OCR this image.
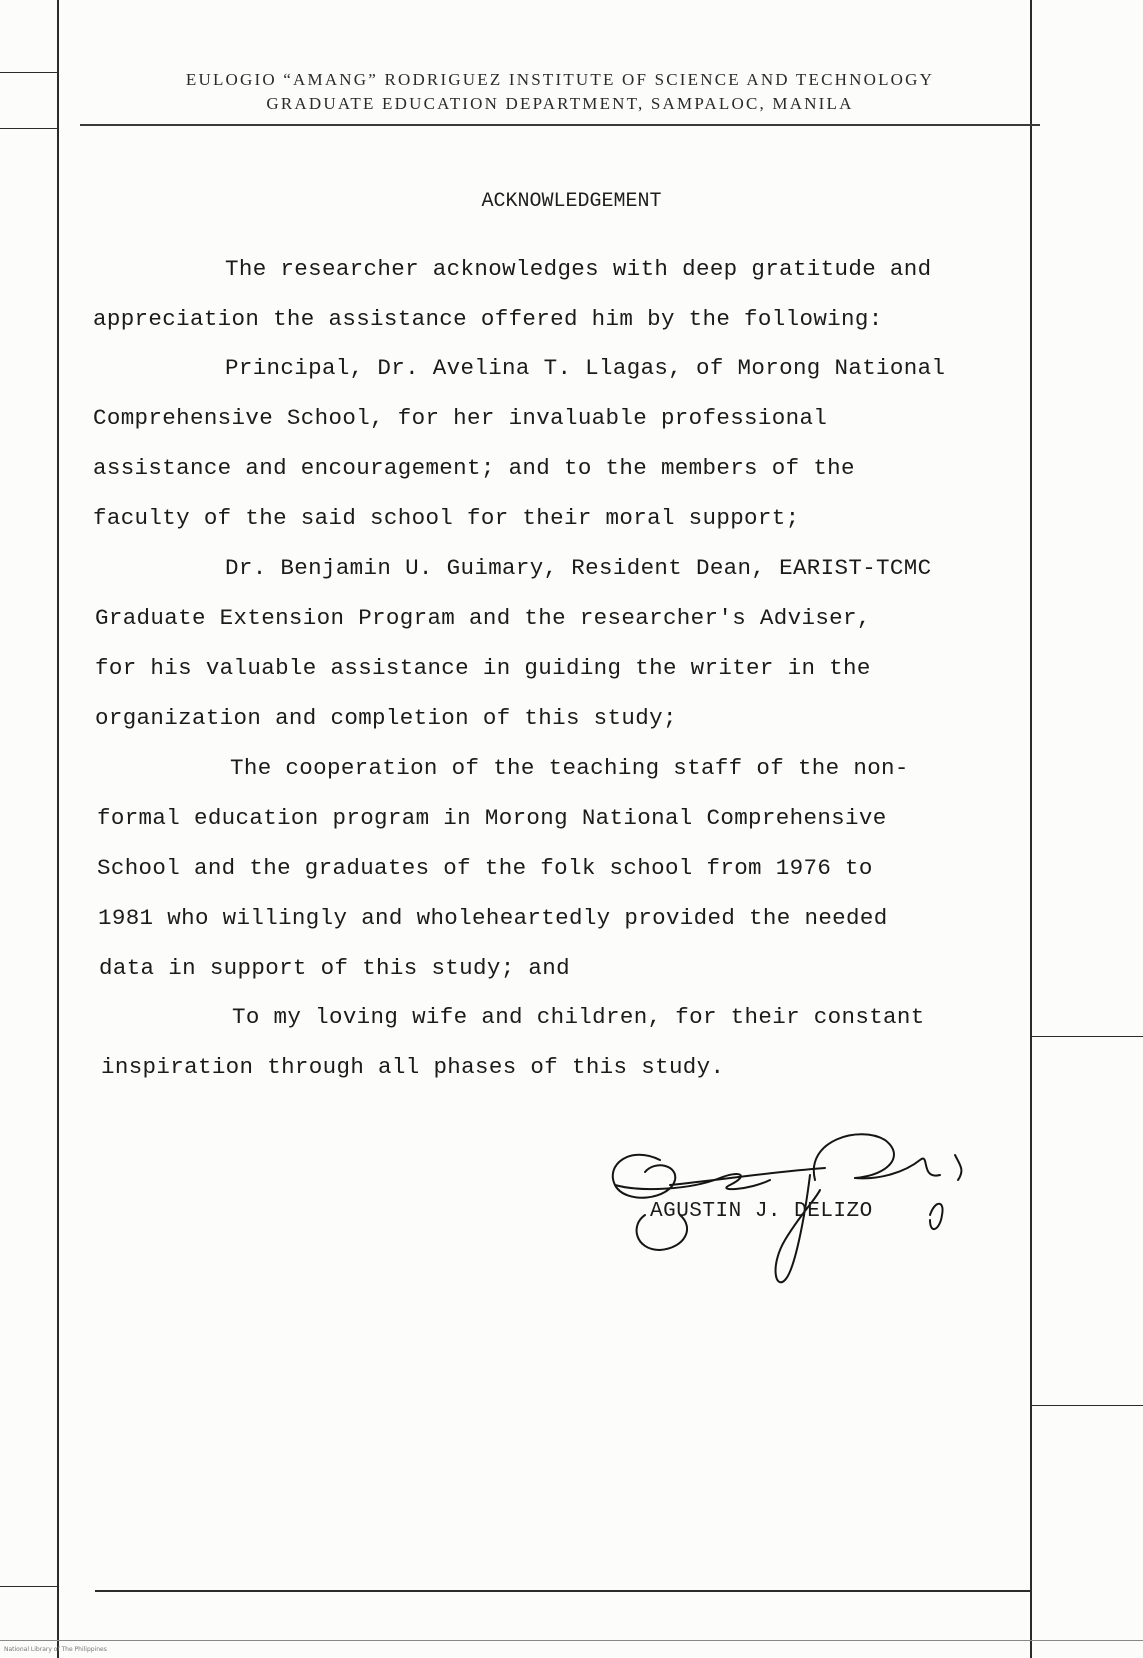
EULOGIO “AMANG” RODRIGUEZ INSTITUTE OF SCIENCE AND TECHNOLOGY
GRADUATE EDUCATION DEPARTMENT, SAMPALOC, MANILA
ACKNOWLEDGEMENT
The researcher acknowledges with deep gratitude and
appreciation the assistance offered him by the following:
Principal, Dr. Avelina T. Llagas, of Morong National
Comprehensive School, for her invaluable professional
assistance and encouragement; and to the members of the
faculty of the said school for their moral support;
Dr. Benjamin U. Guimary, Resident Dean, EARIST-TCMC
Graduate Extension Program and the researcher's Adviser,
for his valuable assistance in guiding the writer in the
organization and completion of this study;
The cooperation of the teaching staff of the non-
formal education program in Morong National Comprehensive
School and the graduates of the folk school from 1976 to
1981 who willingly and wholeheartedly provided the needed
data in support of this study; and
To my loving wife and children, for their constant
inspiration through all phases of this study.
AGUSTIN J. DELIZO
National Library of The Philippines
